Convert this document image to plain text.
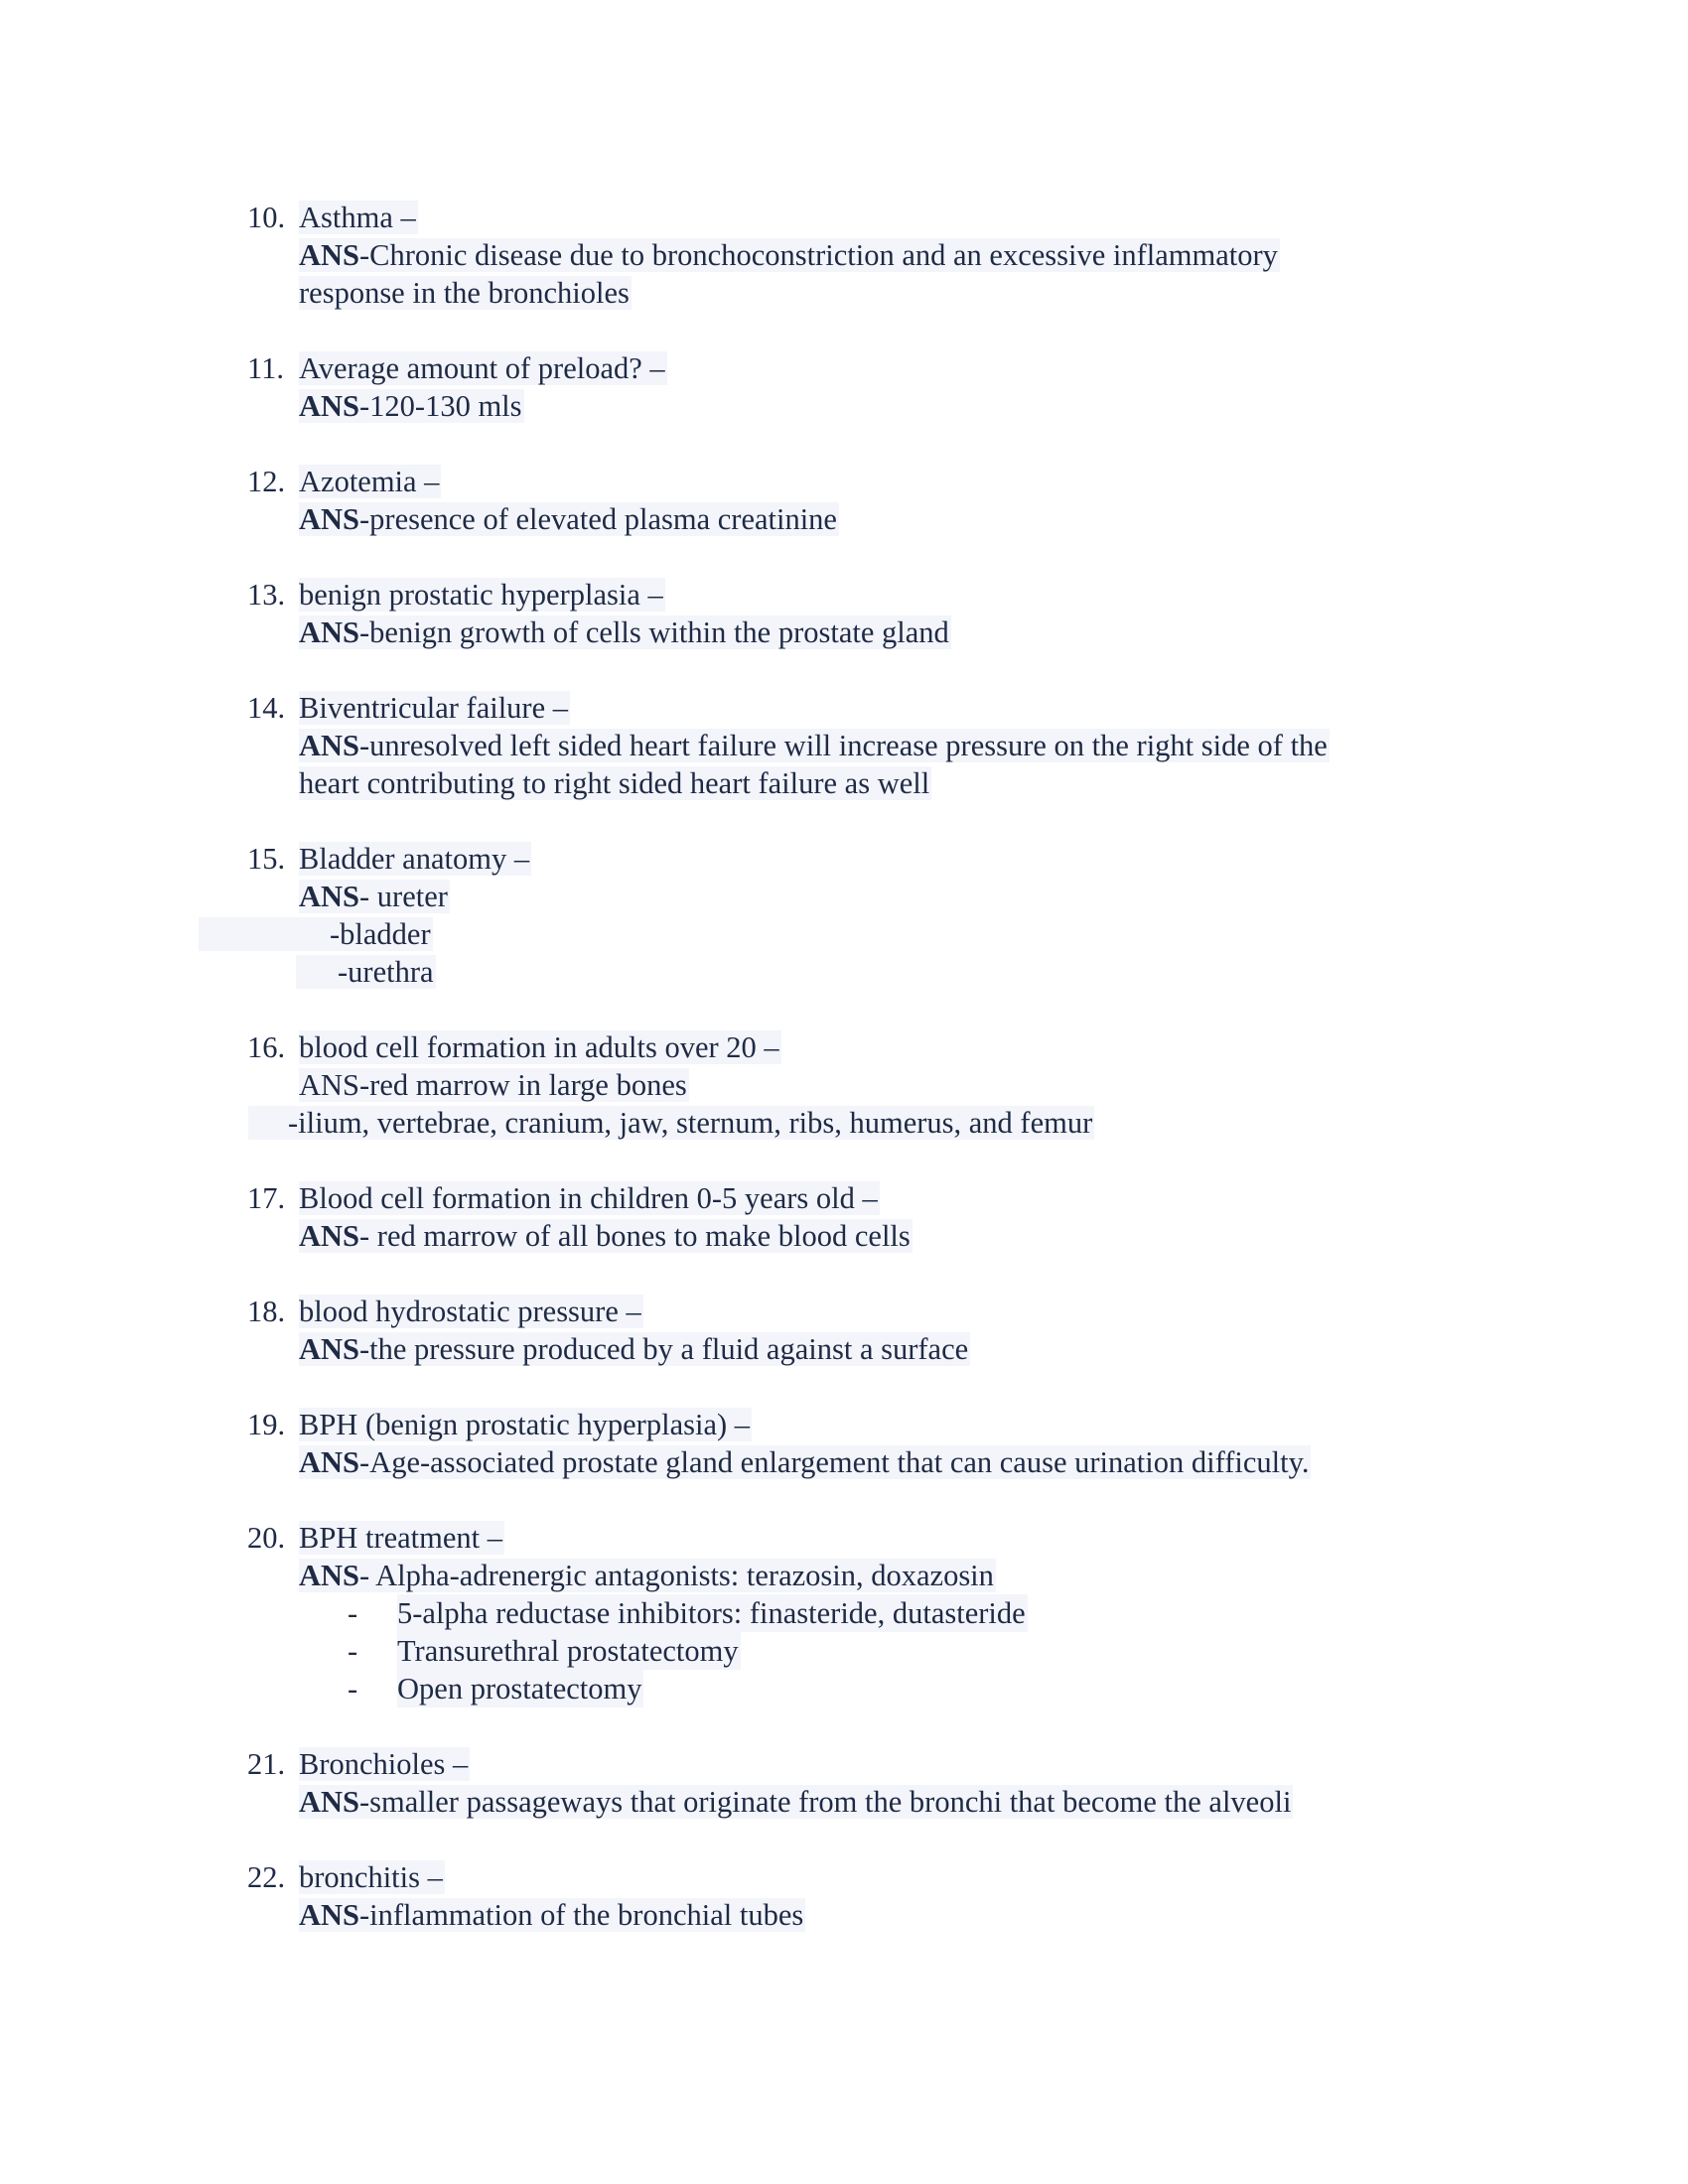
10. Asthma –
ANS-Chronic disease due to bronchoconstriction and an excessive inflammatory
response in the bronchioles
11. Average amount of preload? –
ANS-120-130 mls
12. Azotemia –
ANS-presence of elevated plasma creatinine
13. benign prostatic hyperplasia –
ANS-benign growth of cells within the prostate gland
14. Biventricular failure –
ANS-unresolved left sided heart failure will increase pressure on the right side of the
heart contributing to right sided heart failure as well
15. Bladder anatomy –
ANS- ureter
-bladder
-urethra
16. blood cell formation in adults over 20 –
ANS-red marrow in large bones
-ilium, vertebrae, cranium, jaw, sternum, ribs, humerus, and femur
17. Blood cell formation in children 0-5 years old –
ANS- red marrow of all bones to make blood cells
18. blood hydrostatic pressure –
ANS-the pressure produced by a fluid against a surface
19. BPH (benign prostatic hyperplasia) –
ANS-Age-associated prostate gland enlargement that can cause urination difficulty.
20. BPH treatment –
ANS- Alpha-adrenergic antagonists: terazosin, doxazosin
- 5-alpha reductase inhibitors: finasteride, dutasteride
- Transurethral prostatectomy
- Open prostatectomy
21. Bronchioles –
ANS-smaller passageways that originate from the bronchi that become the alveoli
22. bronchitis –
ANS-inflammation of the bronchial tubes
